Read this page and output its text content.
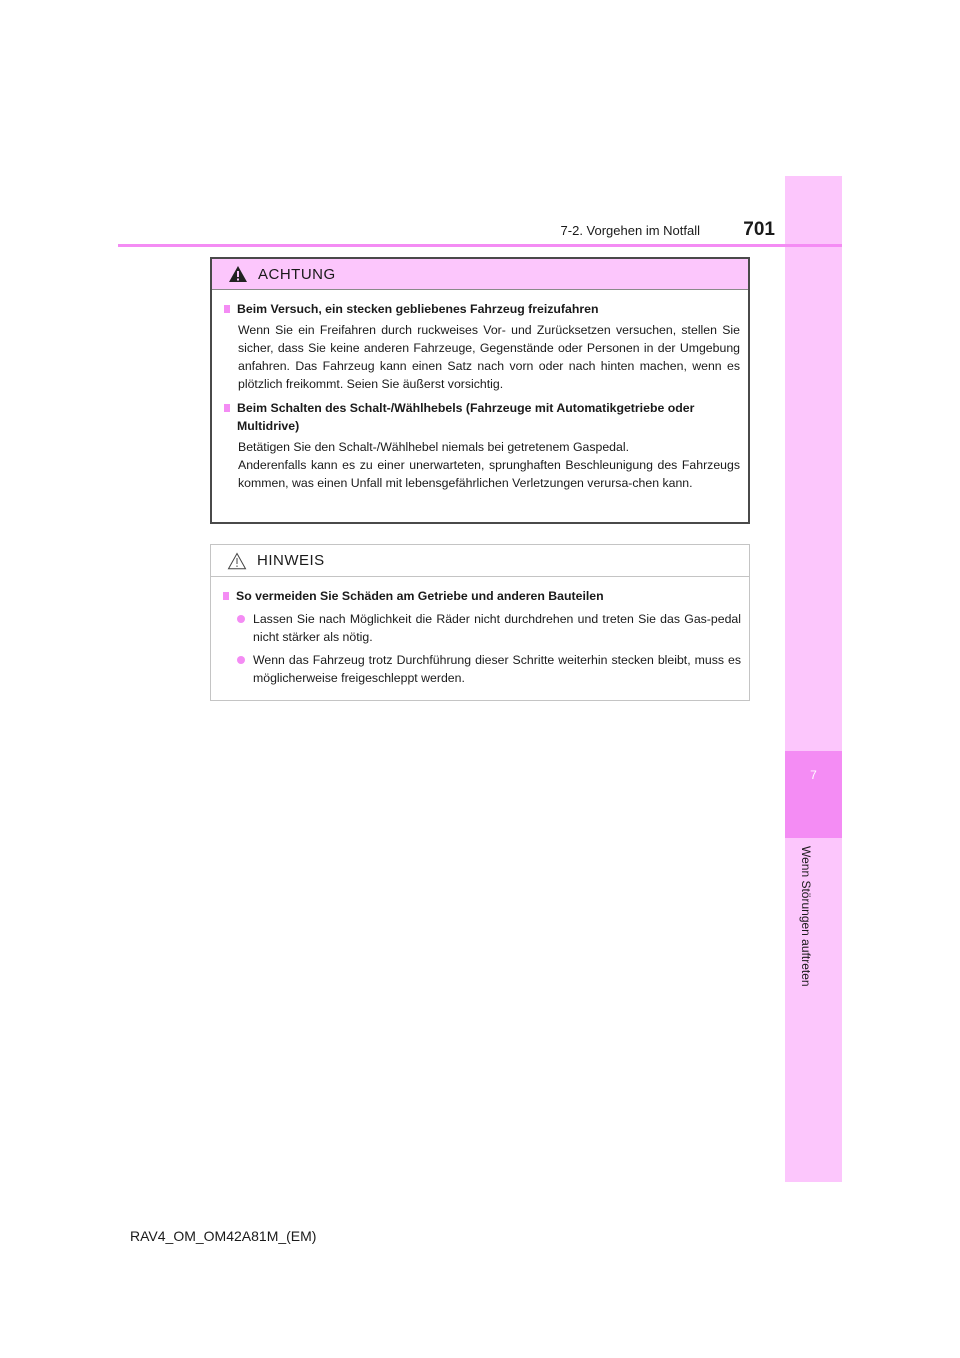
7
Wenn Störungen auftreten
7-2. Vorgehen im Notfall	701
ACHTUNG
Beim Versuch, ein stecken gebliebenes Fahrzeug freizufahren
Wenn Sie ein Freifahren durch ruckweises Vor- und Zurücksetzen versuchen, stellen Sie sicher, dass Sie keine anderen Fahrzeuge, Gegenstände oder Personen in der Umgebung anfahren. Das Fahrzeug kann einen Satz nach vorn oder nach hinten machen, wenn es plötzlich freikommt. Seien Sie äußerst vorsichtig.
Beim Schalten des Schalt-/Wählhebels (Fahrzeuge mit Automatikgetriebe oder Multidrive)
Betätigen Sie den Schalt-/Wählhebel niemals bei getretenem Gaspedal.
Anderenfalls kann es zu einer unerwarteten, sprunghaften Beschleunigung des Fahrzeugs kommen, was einen Unfall mit lebensgefährlichen Verletzungen verursa-chen kann.
HINWEIS
So vermeiden Sie Schäden am Getriebe und anderen Bauteilen
Lassen Sie nach Möglichkeit die Räder nicht durchdrehen und treten Sie das Gas-pedal nicht stärker als nötig.
Wenn das Fahrzeug trotz Durchführung dieser Schritte weiterhin stecken bleibt, muss es möglicherweise freigeschleppt werden.
RAV4_OM_OM42A81M_(EM)
